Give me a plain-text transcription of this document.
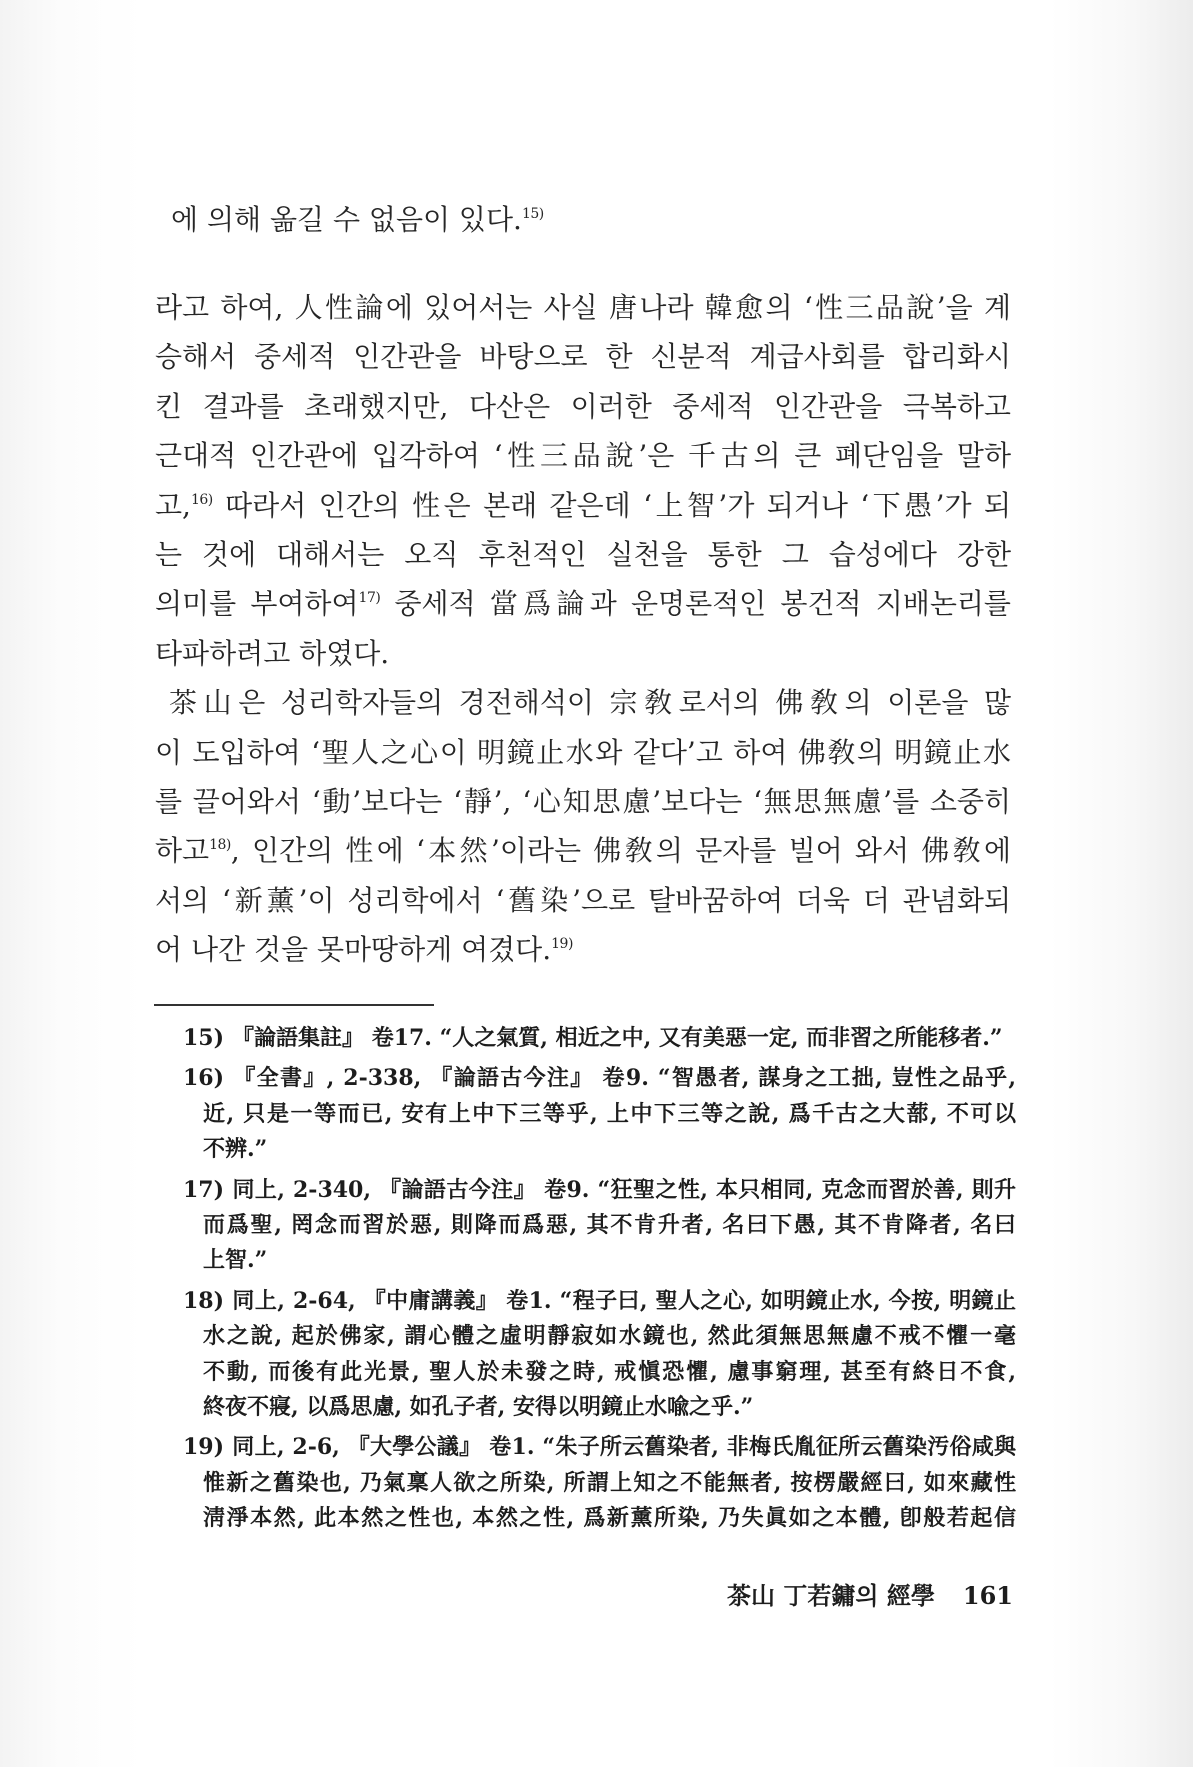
에 의해 옮길 수 없음이 있다.$^{15)}$
라고 하여, 人性論에 있어서는 사실 唐나라 韓愈의 ‘性三品說’을 계
승해서 중세적 인간관을 바탕으로 한 신분적 계급사회를 합리화시
킨 결과를 초래했지만, 다산은 이러한 중세적 인간관을 극복하고
근대적 인간관에 입각하여 ‘性三品說’은 千古의 큰 폐단임을 말하
고,$^{16)}$ 따라서 인간의 性은 본래 같은데 ‘上智’가 되거나 ‘下愚’가 되
는 것에 대해서는 오직 후천적인 실천을 통한 그 습성에다 강한
의미를 부여하여$^{17)}$ 중세적 當爲論과 운명론적인 봉건적 지배논리를
타파하려고 하였다.
茶山은 성리학자들의 경전해석이 宗敎로서의 佛敎의 이론을 많
이 도입하여 ‘聖人之心이 明鏡止水와 같다’고 하여 佛敎의 明鏡止水
를 끌어와서 ‘動’보다는 ‘靜’, ‘心知思慮’보다는 ‘無思無慮’를 소중히
하고$^{18)}$, 인간의 性에 ‘本然’이라는 佛敎의 문자를 빌어 와서 佛敎에
서의 ‘新薰’이 성리학에서 ‘舊染’으로 탈바꿈하여 더욱 더 관념화되
어 나간 것을 못마땅하게 여겼다.$^{19)}$
15) 『論語集註』 卷17. “人之氣質, 相近之中, 又有美惡一定, 而非習之所能移者.”
16) 『全書』, 2-338, 『論語古今注』 卷9. “智愚者, 謀身之工拙, 豈性之品乎,
近, 只是一等而已, 安有上中下三等乎, 上中下三等之說, 爲千古之大蔀, 不可以
不辨.”
17) 同上, 2-340, 『論語古今注』 卷9. “狂聖之性, 本只相同, 克念而習於善, 則升
而爲聖, 罔念而習於惡, 則降而爲惡, 其不肯升者, 名曰下愚, 其不肯降者, 名曰
上智.”
18) 同上, 2-64, 『中庸講義』 卷1. “程子曰, 聖人之心, 如明鏡止水, 今按, 明鏡止
水之說, 起於佛家, 謂心體之虛明靜寂如水鏡也, 然此須無思無慮不戒不懼一毫
不動, 而後有此光景, 聖人於未發之時, 戒愼恐懼, 慮事窮理, 甚至有終日不食,
終夜不寢, 以爲思慮, 如孔子者, 安得以明鏡止水喩之乎.”
19) 同上, 2-6, 『大學公議』 卷1. “朱子所云舊染者, 非梅氏胤征所云舊染汚俗咸與
惟新之舊染也, 乃氣稟人欲之所染, 所謂上知之不能無者, 按楞嚴經曰, 如來藏性
淸淨本然, 此本然之性也, 本然之性, 爲新薰所染, 乃失眞如之本體, 卽般若起信
茶山 丁若鏞의 經學 161
